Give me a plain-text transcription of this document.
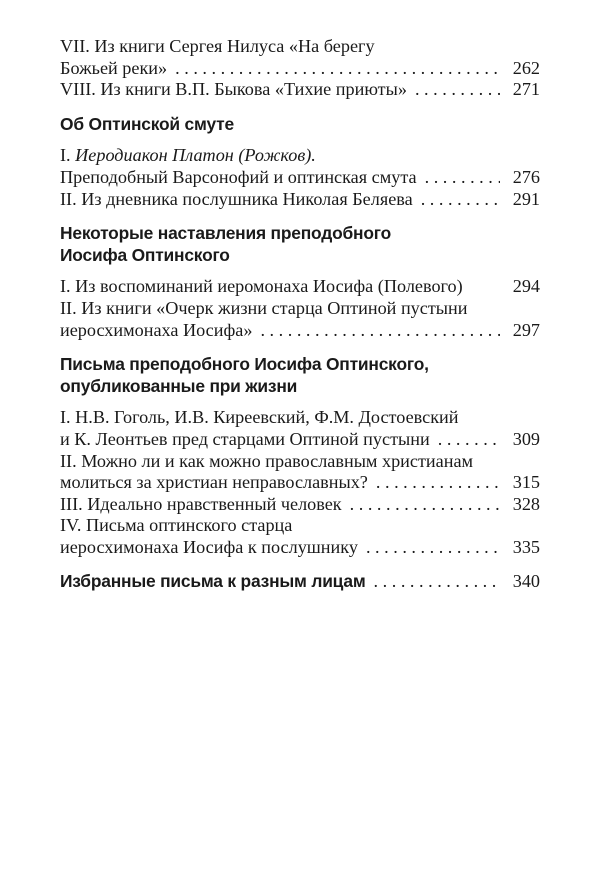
VII. Из книги Сергея Нилуса «На берегу
Божьей реки» . . .	262
VIII. Из книги В.П. Быкова «Тихие приюты» . . .	271
Об Оптинской смуте
I. Иеродиакон Платон (Рожков).
Преподобный Варсонофий и оптинская смута . . .	276
II. Из дневника послушника Николая Беляева . . .	291
Некоторые наставления преподобного
Иосифа Оптинского
I. Из воспоминаний иеромонаха Иосифа (Полевого)	294
II. Из книги «Очерк жизни старца Оптиной пустыни
иеросхимонаха Иосифа» . . .	297
Письма преподобного Иосифа Оптинского,
опубликованные при жизни
I. Н.В. Гоголь, И.В. Киреевский, Ф.М. Достоевский
и К. Леонтьев пред старцами Оптиной пустыни . . .	309
II. Можно ли и как можно православным христианам
молиться за христиан неправославных? . . .	315
III. Идеально нравственный человек . . .	328
IV. Письма оптинского старца
иеросхимонаха Иосифа к послушнику . . .	335
Избранные письма к разным лицам . . .	340
